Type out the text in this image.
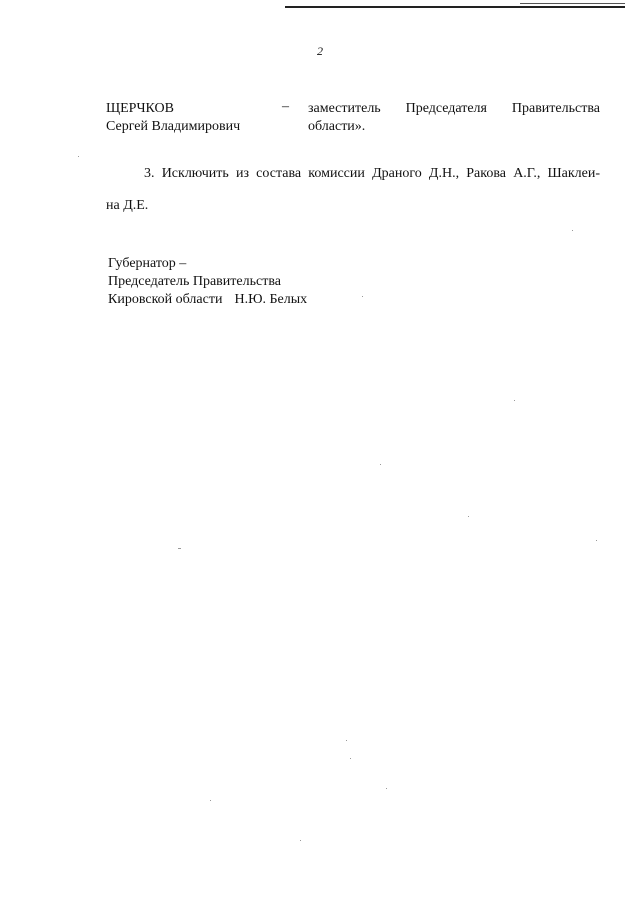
2
ЩЕРЧКОВ
Сергей Владимирович
– заместитель Председателя Правительства
области».
3. Исключить из состава комиссии Драного Д.Н., Ракова А.Г., Шаклеи-
на Д.Е.
Губернатор –
Председатель Правительства
Кировской области Н.Ю. Белых
